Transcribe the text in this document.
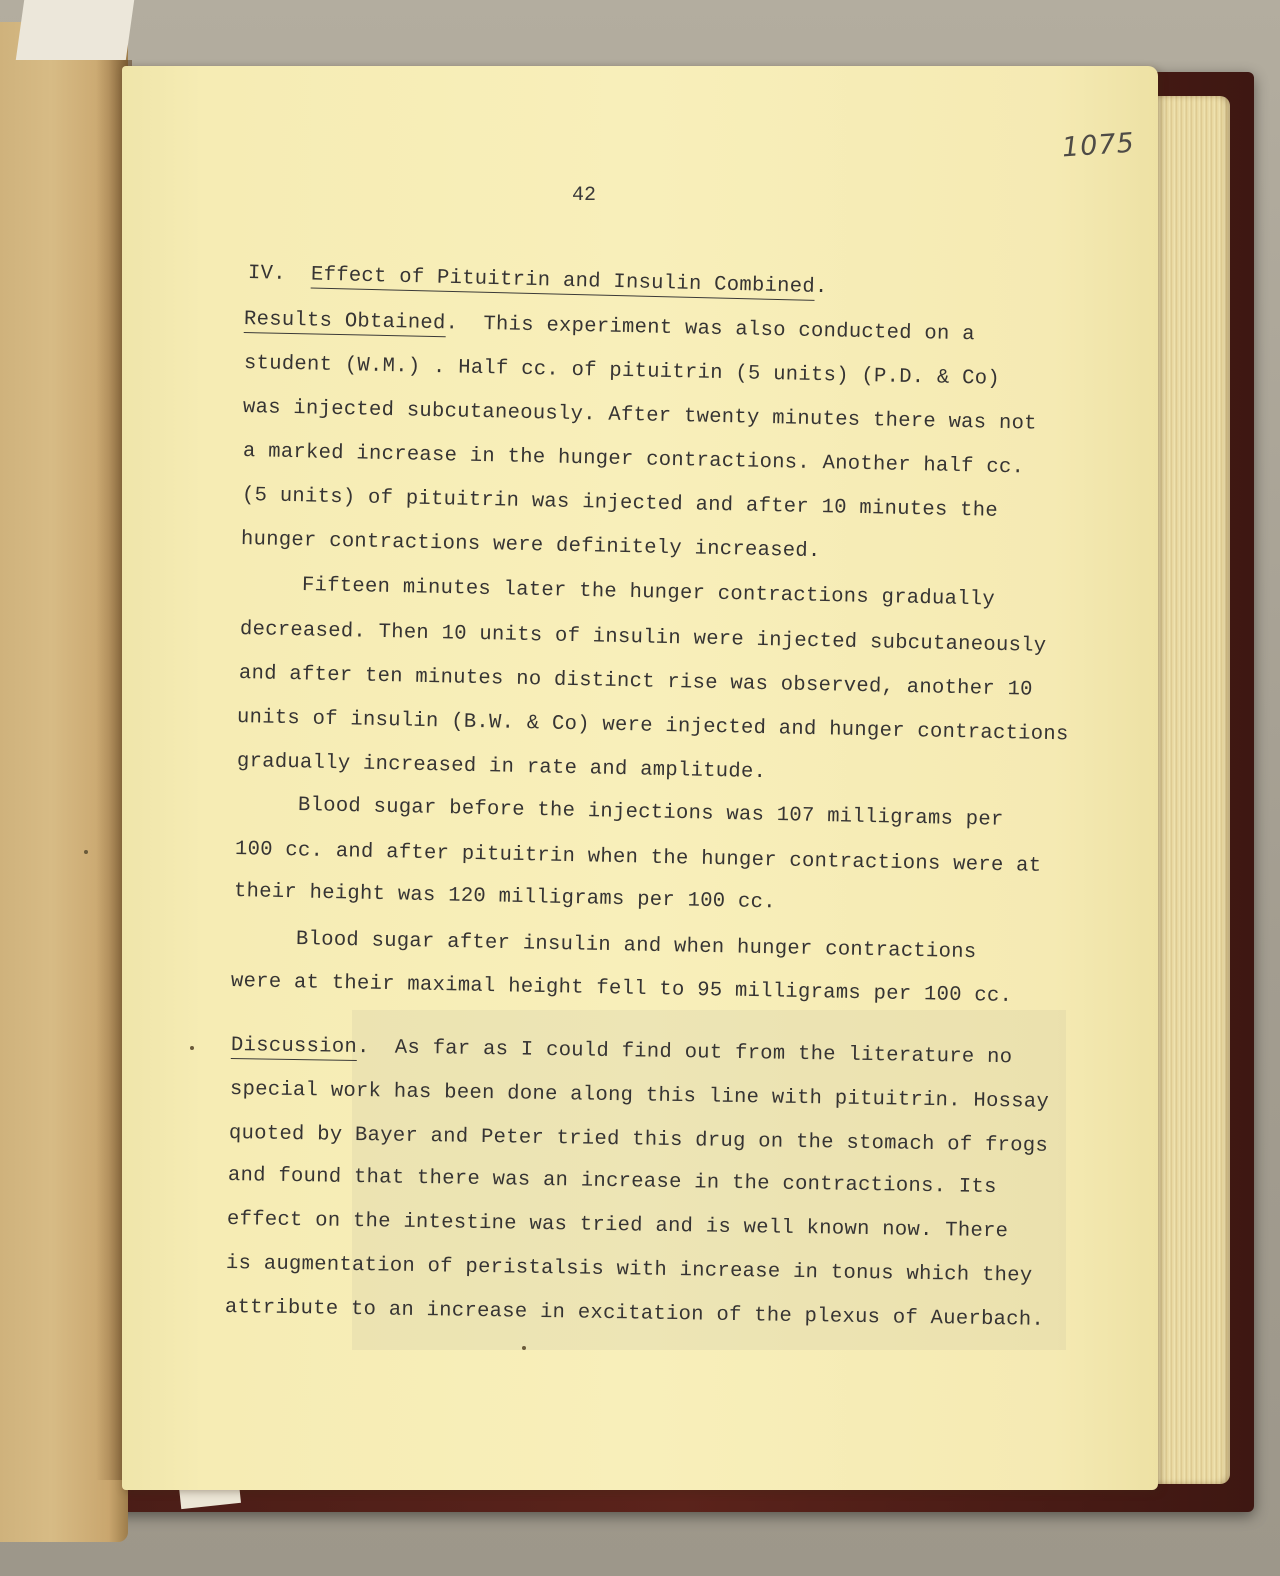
1075
42
IV. Effect of Pituitrin and Insulin Combined.
Results Obtained. This experiment was also conducted on a
student (W.M.) . Half cc. of pituitrin (5 units) (P.D. & Co)
was injected subcutaneously. After twenty minutes there was not
a marked increase in the hunger contractions. Another half cc.
(5 units) of pituitrin was injected and after 10 minutes the
hunger contractions were definitely increased.
Fifteen minutes later the hunger contractions gradually
decreased. Then 10 units of insulin were injected subcutaneously
and after ten minutes no distinct rise was observed, another 10
units of insulin (B.W. & Co) were injected and hunger contractions
gradually increased in rate and amplitude.
Blood sugar before the injections was 107 milligrams per
100 cc. and after pituitrin when the hunger contractions were at
their height was 120 milligrams per 100 cc.
Blood sugar after insulin and when hunger contractions
were at their maximal height fell to 95 milligrams per 100 cc.
Discussion. As far as I could find out from the literature no
special work has been done along this line with pituitrin. Hossay
quoted by Bayer and Peter tried this drug on the stomach of frogs
and found that there was an increase in the contractions. Its
effect on the intestine was tried and is well known now. There
is augmentation of peristalsis with increase in tonus which they
attribute to an increase in excitation of the plexus of Auerbach.
